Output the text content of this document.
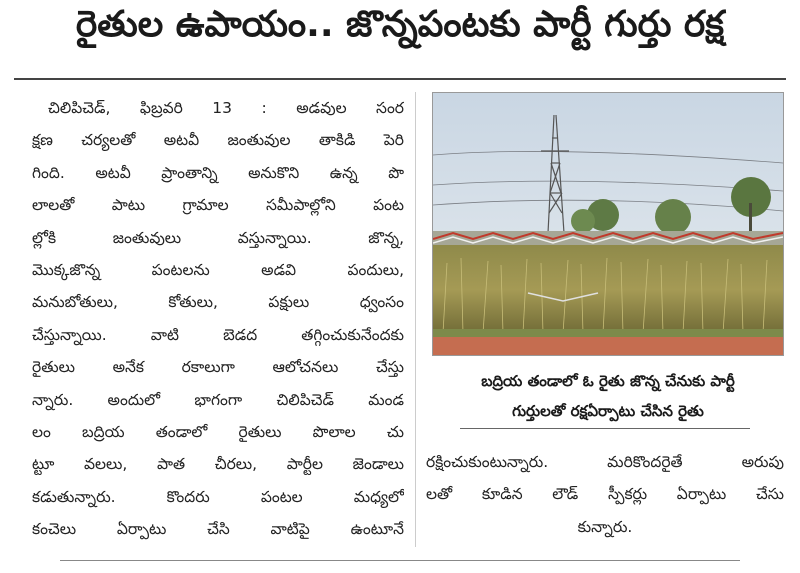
రైతుల ఉపాయం.. జొన్నపంటకు పార్టీ గుర్తు రక్ష
చిలిపిచెడ్, ఫిబ్రవరి 13 : అడవుల సంర
క్షణ చర్యలతో అటవీ జంతువుల తాకిడి పెరి
గింది. అటవీ ప్రాంతాన్ని అనుకొని ఉన్న పొ
లాలతో పాటు గ్రామాల సమీపాల్లోని పంట
ల్లోకి జంతువులు వస్తున్నాయి. జొన్న,
మొక్కజొన్న పంటలను అడవి పందులు,
మనుబోతులు, కోతులు, పక్షులు ధ్వంసం
చేస్తున్నాయి. వాటి బెడద తగ్గించుకునేందకు
రైతులు అనేక రకాలుగా ఆలోచనలు చేస్తు
న్నారు. అందులో భాగంగా చిలిపిచెడ్ మండ
లం బద్రియ తండాలో రైతులు పొలాల చు
ట్టూ వలలు, పాత చీరలు, పార్టీల జెండాలు
కడుతున్నారు. కొందరు పంటల మధ్యలో
కంచెలు ఏర్పాటు చేసి వాటిపై ఉంటూనే
బద్రియ తండాలో ఓ రైతు జొన్న చేనుకు పార్టీ
గుర్తులతో రక్షఏర్పాటు చేసిన రైతు
రక్షించుకుంటున్నారు. మరికొందరైతే అరుపు
లతో కూడిన లౌడ్ స్పీకర్లు ఏర్పాటు చేసు
కున్నారు.
